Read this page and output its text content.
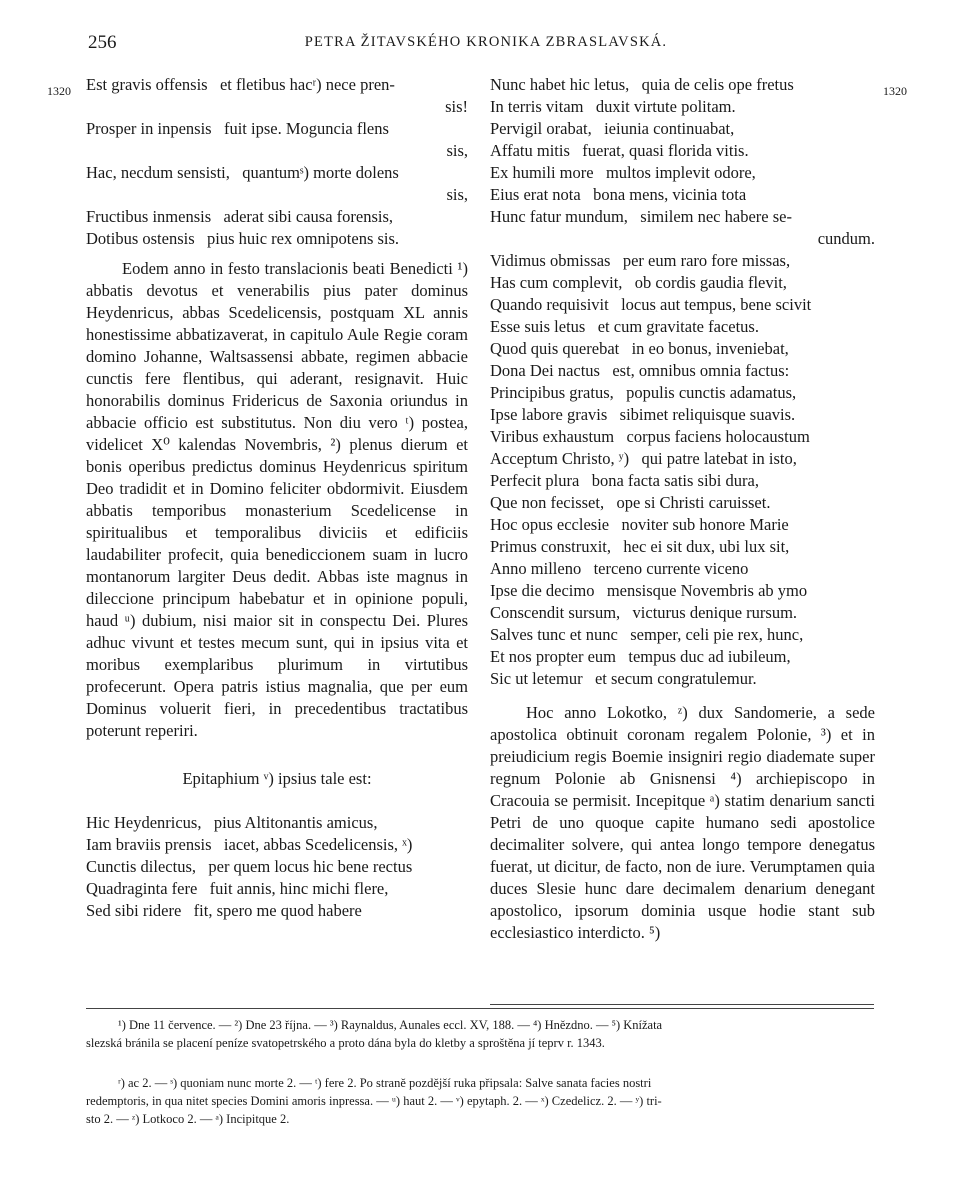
256	PETRA ŽITAVSKÉHO KRONIKA ZBRASLAVSKÁ.
1320	1320
Est gravis offensis   et fletibus hacʳ) nece pren-
sis!
Prosper in inpensis   fuit ipse. Moguncia flens
sis,
Hac, necdum sensisti,   quantumˢ) morte dolens
sis,
Fructibus inmensis   aderat sibi causa forensis,
Dotibus ostensis   pius huic rex omnipotens sis.

Eodem anno in festo translacionis beati Benedicti ¹) abbatis devotus et venerabilis pius pater dominus Heydenricus, abbas Scedelicensis, postquam XL annis honestissime abbatizaverat, in capitulo Aule Regie coram domino Johanne, Waltsassensi abbate, regimen abbacie cunctis fere flentibus, qui aderant, resignavit. Huic honorabilis dominus Fridericus de Saxonia oriundus in abbacie officio est substitutus. Non diu vero ᵗ) postea, videlicet X⁰ kalendas Novembris, ²) plenus dierum et bonis operibus predictus dominus Heydenricus spiritum Deo tradidit et in Domino feliciter obdormivit. Eiusdem abbatis temporibus monasterium Scedelicense in spiritualibus et temporalibus diviciis et edificiis laudabiliter profecit, quia benediccionem suam in lucro montanorum largiter Deus dedit. Abbas iste magnus in dileccione principum habebatur et in opinione populi, haud ᵘ) dubium, nisi maior sit in conspectu Dei. Plures adhuc vivunt et testes mecum sunt, qui in ipsius vita et moribus exemplaribus plurimum in virtutibus profecerunt. Opera patris istius magnalia, que per eum Dominus voluerit fieri, in precedentibus tractatibus poterunt reperiri.

Epitaphium ᵛ) ipsius tale est:
Hic Heydenricus,   pius Altitonantis amicus,
Iam braviis prensis   iacet, abbas Scedelicensis, ˣ)
Cunctis dilectus,   per quem locus hic bene rectus
Quadraginta fere   fuit annis, hinc michi flere,
Sed sibi ridere   fit, spero me quod habere
Nunc habet hic letus,   quia de celis ope fretus
In terris vitam   duxit virtute politam.
Pervigil orabat,   ieiunia continuabat,
Affatu mitis   fuerat, quasi florida vitis.
Ex humili more   multos implevit odore,
Eius erat nota   bona mens, vicinia tota
Hunc fatur mundum,   similem nec habere se-
cundum.
Vidimus obmissas   per eum raro fore missas,
Has cum complevit,   ob cordis gaudia flevit,
Quando requisivit   locus aut tempus, bene scivit
Esse suis letus   et cum gravitate facetus.
Quod quis querebat   in eo bonus, inveniebat,
Dona Dei nactus   est, omnibus omnia factus:
Principibus gratus,   populis cunctis adamatus,
Ipse labore gravis   sibimet reliquisque suavis.
Viribus exhaustum   corpus faciens holocaustum
Acceptum Christo, ʸ)   qui patre latebat in isto,
Perfecit plura   bona facta satis sibi dura,
Que non fecisset,   ope si Christi caruisset.
Hoc opus ecclesie   noviter sub honore Marie
Primus construxit,   hec ei sit dux, ubi lux sit,
Anno milleno   terceno currente viceno
Ipse die decimo   mensisque Novembris ab ymo
Conscendit sursum,   victurus denique rursum.
Salves tunc et nunc   semper, celi pie rex, hunc,
Et nos propter eum   tempus duc ad iubileum,
Sic ut letemur   et secum congratulemur.

Hoc anno Lokotko, ᶻ) dux Sandomerie, a sede apostolica obtinuit coronam regalem Polonie, ³) et in preiudicium regis Boemie insigniri regio diademate super regnum Polonie ab Gnisnensi ⁴) archiepiscopo in Cracouia se permisit. Incepitque ᵃ) statim denarium sancti Petri de uno quoque capite humano sedi apostolice decimaliter solvere, qui antea longo tempore denegatus fuerat, ut dicitur, de facto, non de iure. Verumptamen quia duces Slesie hunc dare decimalem denarium denegant apostolico, ipsorum dominia usque hodie stant sub ecclesiastico interdicto. ⁵)

¹) Dne 11 července. — ²) Dne 23 října. — ³) Raynaldus, Aunales eccl. XV, 188. — ⁴) Hnězdno. — ⁵) Knížata
slezská bránila se placení peníze svatopetrského a proto dána byla do kletby a sproštěna jí teprv r. 1343.
ʳ) ac 2. — ˢ) quoniam nunc morte 2. — ᵗ) fere 2. Po straně pozdější ruka připsala: Salve sanata facies nostri
redemptoris, in qua nitet species Domini amoris inpressa. — ᵘ) haut 2. — ᵛ) epytaph. 2. — ˣ) Czedelicz. 2. — ʸ) tri-
sto 2. — ᶻ) Lotkoco 2. — ᵃ) Incipitque 2.
